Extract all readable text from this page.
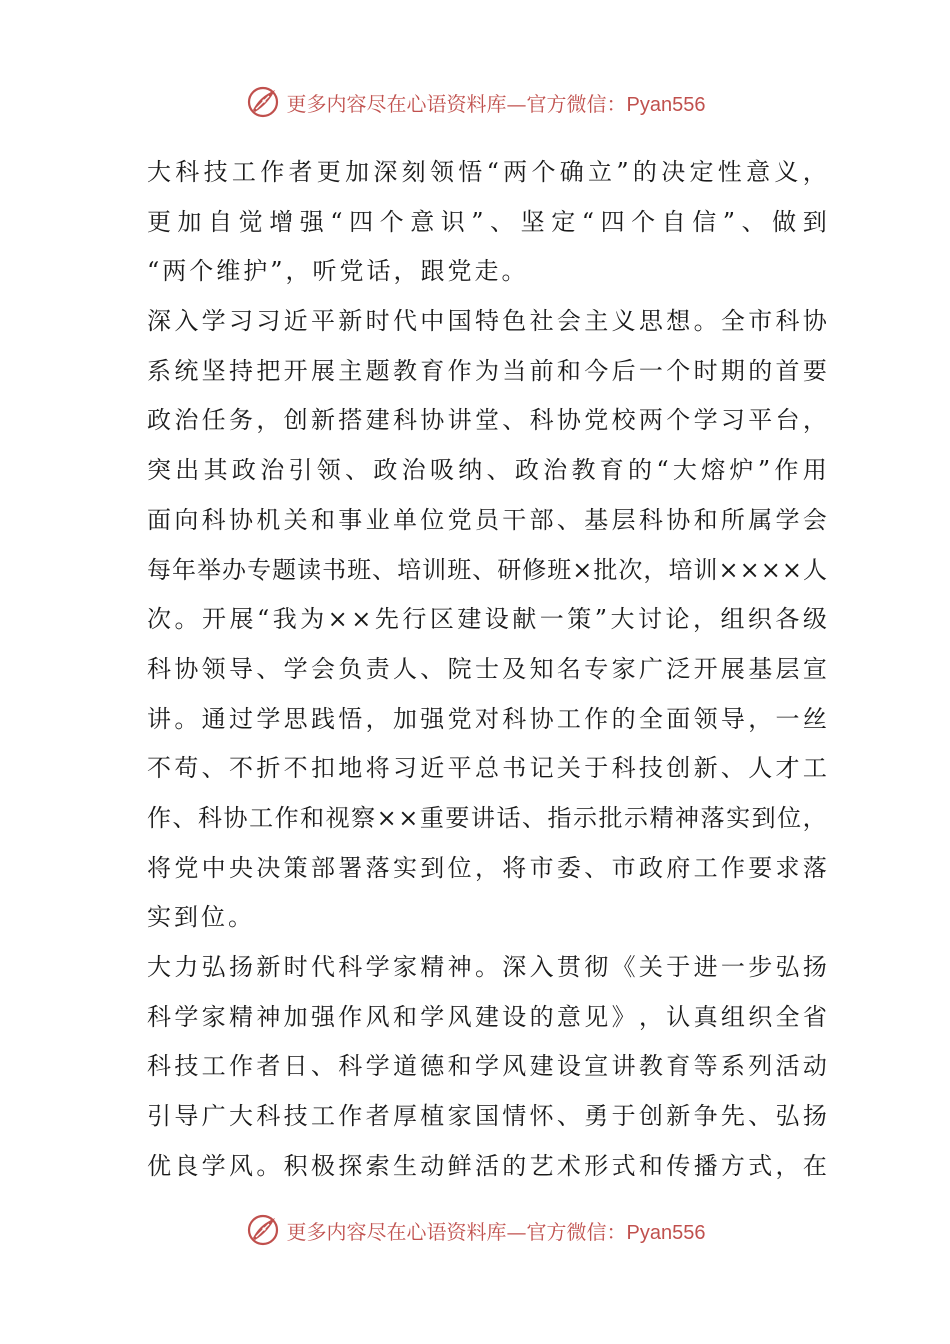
更多内容尽在心语资料库—官方微信：Pyan556
大 科 技 工 作 者 更 加 深 刻 领 悟 “ 两 个 确 立 ” 的 决 定 性 意 义 ，
更 加 自 觉 增 强 “ 四 个 意 识 ” 、 坚 定 “ 四 个 自 信 ” 、 做 到
“两个维护”，听党话，跟党走。
深 入 学 习 习 近 平 新 时 代 中 国 特 色 社 会 主 义 思 想 。 全 市 科 协
系 统 坚 持 把 开 展 主 题 教 育 作 为 当 前 和 今 后 一 个 时 期 的 首 要
政 治 任 务 ， 创 新 搭 建 科 协 讲 堂 、 科 协 党 校 两 个 学 习 平 台 ，
突 出 其 政 治 引 领 、 政 治 吸 纳 、 政 治 教 育 的 “ 大 熔 炉 ” 作 用
面 向 科 协 机 关 和 事 业 单 位 党 员 干 部 、 基 层 科 协 和 所 属 学 会
每 年 举 办 专 题 读 书 班 、 培 训 班 、 研 修 班 × 批 次 ， 培 训 × × × × 人
次 。 开 展 “ 我 为 × × 先 行 区 建 设 献 一 策 ” 大 讨 论 ， 组 织 各 级
科 协 领 导 、 学 会 负 责 人 、 院 士 及 知 名 专 家 广 泛 开 展 基 层 宣
讲 。 通 过 学 思 践 悟 ， 加 强 党 对 科 协 工 作 的 全 面 领 导 ， 一 丝
不 苟 、 不 折 不 扣 地 将 习 近 平 总 书 记 关 于 科 技 创 新 、 人 才 工
作 、 科 协 工 作 和 视 察 × × 重 要 讲 话 、 指 示 批 示 精 神 落 实 到 位 ，
将 党 中 央 决 策 部 署 落 实 到 位 ， 将 市 委 、 市 政 府 工 作 要 求 落
实到位。
大 力 弘 扬 新 时 代 科 学 家 精 神 。 深 入 贯 彻 《 关 于 进 一 步 弘 扬
科 学 家 精 神 加 强 作 风 和 学 风 建 设 的 意 见 》 ， 认 真 组 织 全 省
科 技 工 作 者 日 、 科 学 道 德 和 学 风 建 设 宣 讲 教 育 等 系 列 活 动
引 导 广 大 科 技 工 作 者 厚 植 家 国 情 怀 、 勇 于 创 新 争 先 、 弘 扬
优 良 学 风 。 积 极 探 索 生 动 鲜 活 的 艺 术 形 式 和 传 播 方 式 ， 在
更多内容尽在心语资料库—官方微信：Pyan556
